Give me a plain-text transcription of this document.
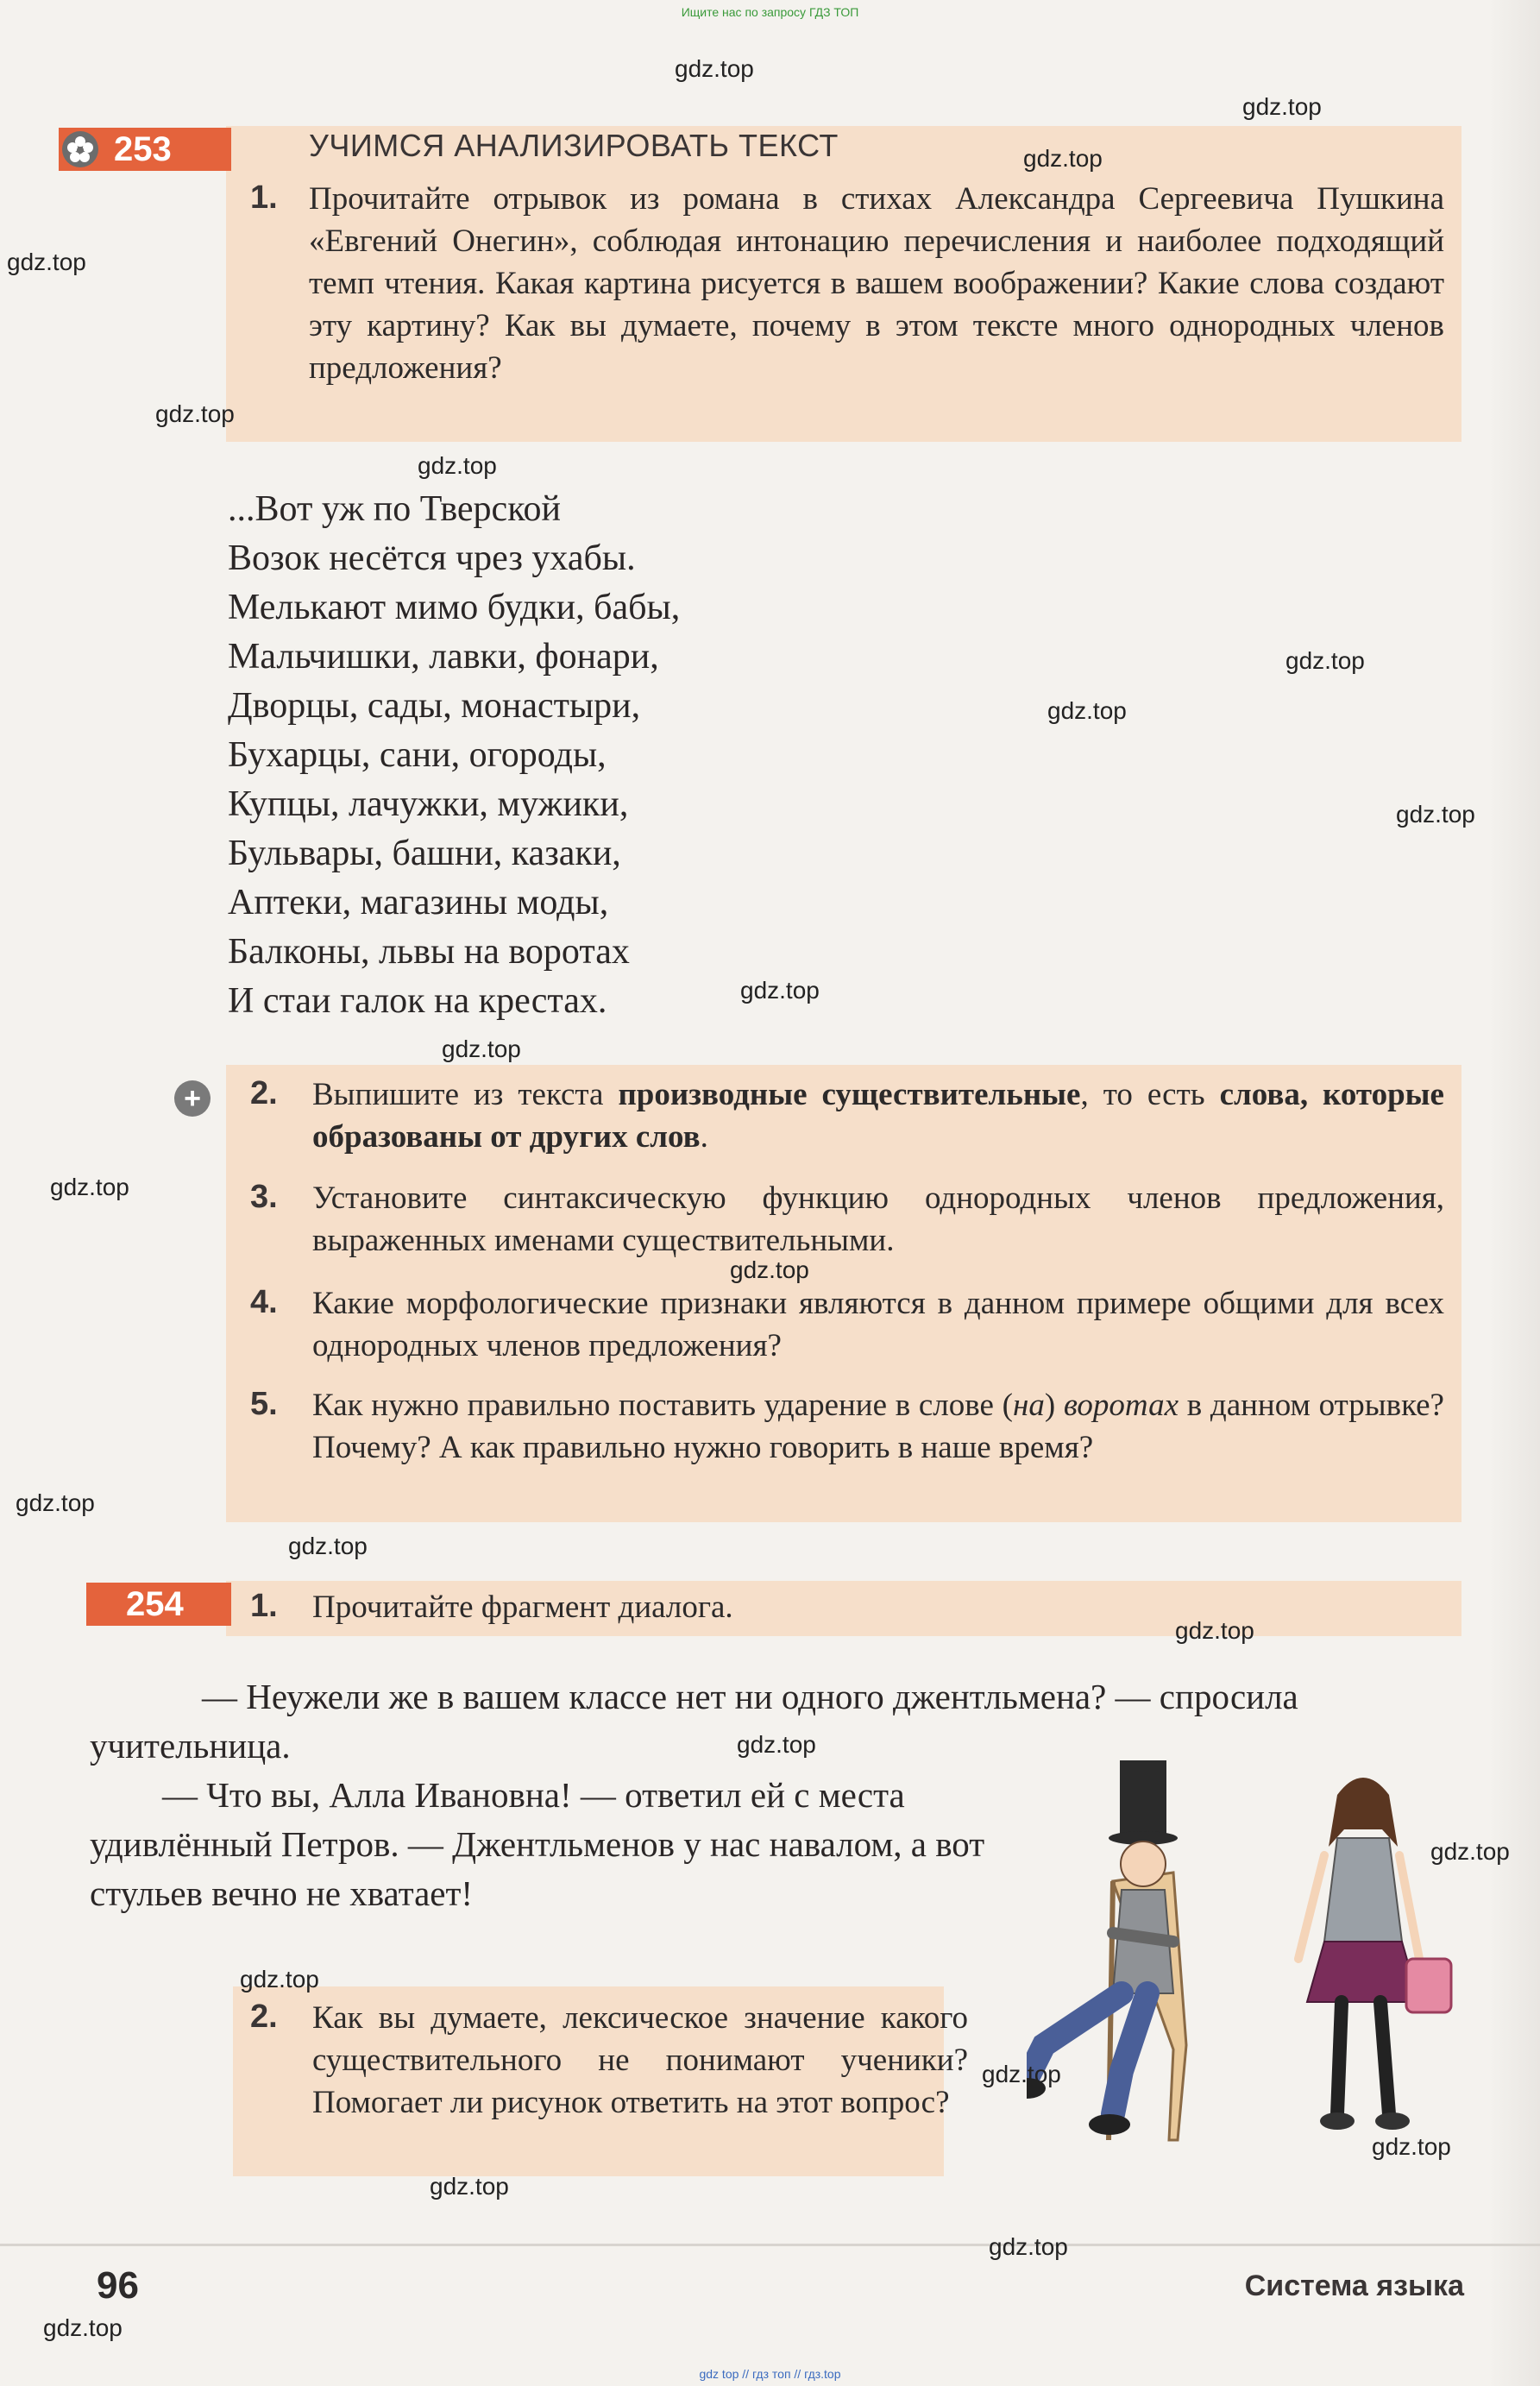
Ищите нас по запросу ГДЗ ТОП
253	УЧИМСЯ АНАЛИЗИРОВАТЬ ТЕКСТ
1. Прочитайте отрывок из романа в стихах Александра Сергеевича Пушкина «Евгений Онегин», соблюдая интонацию перечисления и наиболее подходящий темп чтения. Какая картина рисуется в вашем воображении? Какие слова создают эту картину? Как вы думаете, почему в этом тексте много однородных членов предложения?
...Вот уж по Тверской
Возок несётся чрез ухабы.
Мелькают мимо будки, бабы,
Мальчишки, лавки, фонари,
Дворцы, сады, монастыри,
Бухарцы, сани, огороды,
Купцы, лачужки, мужики,
Бульвары, башни, казаки,
Аптеки, магазины моды,
Балконы, львы на воротах
И стаи галок на крестах.
+ 2. Выпишите из текста производные существительные, то есть слова, которые образованы от других слов.
3. Установите синтаксическую функцию однородных членов предложения, выраженных именами существительными.
4. Какие морфологические признаки являются в данном примере общими для всех однородных членов предложения?
5. Как нужно правильно поставить ударение в слове (на) воротах в данном отрывке? Почему? А как правильно нужно говорить в наше время?
254 1. Прочитайте фрагмент диалога.
— Неужели же в вашем классе нет ни одного джентльмена? — спросила учительница.
— Что вы, Алла Ивановна! — ответил ей с места удивлённый Петров. — Джентльменов у нас навалом, а вот стульев вечно не хватает!
2. Как вы думаете, лексическое значение какого существительного не понимают ученики? Помогает ли рисунок ответить на этот вопрос?
96	Система языка
gdz top // гдз топ // гдз.top
gdz.top
gdz.top
gdz.top
gdz.top
gdz.top
gdz.top
gdz.top
gdz.top
gdz.top
gdz.top
gdz.top
gdz.top
gdz.top
gdz.top
gdz.top
gdz.top
gdz.top
gdz.top
gdz.top
gdz.top
gdz.top
gdz.top
gdz.top
gdz.top
